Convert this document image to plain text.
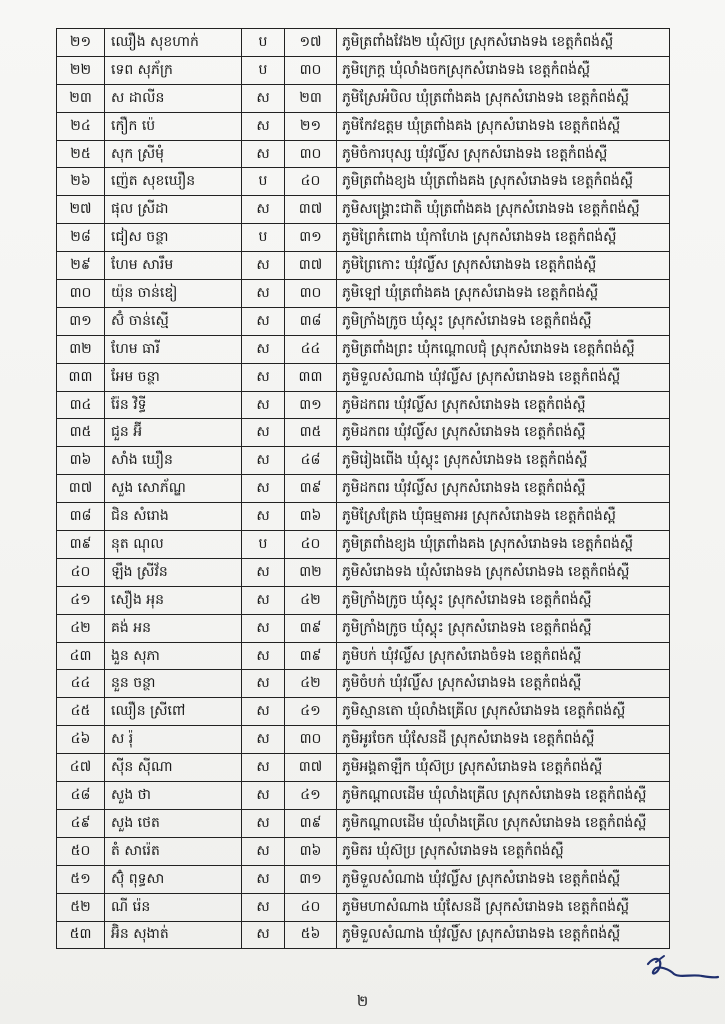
២១	ឈឿង សុខហាក់	ប	១៧	ភូមិត្រពាំងវែង២ ឃុំស៊ប្រ ស្រុកសំរោងទង ខេត្តកំពង់ស្ពឺ
២២	ទេព សុភ័ក្រ	ប	៣០	ភូមិក្រេក្ត ឃុំលាំងចកស្រុកសំរោងទង ខេត្តកំពង់ស្ពឺ
២៣	ស ដាលីន	ស	២៣	ភូមិស្រែអំបិល ឃុំត្រពាំងគង ស្រុកសំរោងទង ខេត្តកំពង់ស្ពឺ
២៤	កឿក ប៉េ	ស	២១	ភូមិកែវឧត្តម ឃុំត្រពាំងគង ស្រុកសំរោងទង ខេត្តកំពង់ស្ពឺ
២៥	សុក ស្រីមុំ	ស	៣០	ភូមិចំការបុស្ស ឃុំវល្លិ៍ស ស្រុកសំរោងទង ខេត្តកំពង់ស្ពឺ
២៦	ញ៉េត សុខឃឿន	ប	៤០	ភូមិត្រពាំងខ្យង ឃុំត្រពាំងគង ស្រុកសំរោងទង ខេត្តកំពង់ស្ពឺ
២៧	ផុល ស្រីដា	ស	៣៧	ភូមិសង្គ្រោះជាតិ ឃុំត្រពាំងគង ស្រុកសំរោងទង ខេត្តកំពង់ស្ពឺ
២៨	ជៀស ចន្ថា	ប	៣១	ភូមិព្រៃកំពោង ឃុំកាហែង ស្រុកសំរោងទង ខេត្តកំពង់ស្ពឺ
២៩	ហែម សារឹម	ស	៣៧	ភូមិព្រៃកោះ ឃុំវល្លិ៍ស ស្រុកសំរោងទង ខេត្តកំពង់ស្ពឺ
៣០	យ៉ុន ចាន់ឌៀ	ស	៣០	ភូមិឡៅ ឃុំត្រពាំងគង ស្រុកសំរោងទង ខេត្តកំពង់ស្ពឺ
៣១	ស៊ំ ចាន់ស្មើ	ស	៣៨	ភូមិក្រាំងក្រូច ឃុំស្គុះ ស្រុកសំរោងទង ខេត្តកំពង់ស្ពឺ
៣២	ហែម ធារី	ស	៤៤	ភូមិត្រពាំងព្រះ ឃុំកណ្តោលជុំ ស្រុកសំរោងទង ខេត្តកំពង់ស្ពឺ
៣៣	អែម ចន្ថា	ស	៣៣	ភូមិទួលសំណាង ឃុំវល្លិ៍ស ស្រុកសំរោងទង ខេត្តកំពង់ស្ពឺ
៣៤	រ៉ែន វិទ្ធី	ស	៣១	ភូមិដកពរ ឃុំវល្លិ៍ស ស្រុកសំរោងទង ខេត្តកំពង់ស្ពឺ
៣៥	ជួន អ៊ី	ស	៣៥	ភូមិដកពរ ឃុំវល្លិ៍ស ស្រុកសំរោងទង ខេត្តកំពង់ស្ពឺ
៣៦	សាំង ឃឿន	ស	៤៨	ភូមិរៀងពើង ឃុំស្គុះ ស្រុកសំរោងទង ខេត្តកំពង់ស្ពឺ
៣៧	សួង សោភ័ណ្ឌ	ស	៣៩	ភូមិដកពរ ឃុំវល្លិ៍ស ស្រុកសំរោងទង ខេត្តកំពង់ស្ពឺ
៣៨	ជិន សំរោង	ស	៣៦	ភូមិស្រែត្រែង ឃុំធម្មតាអរ ស្រុកសំរោងទង ខេត្តកំពង់ស្ពឺ
៣៩	នុត ណុល	ប	៤០	ភូមិត្រពាំងខ្យង ឃុំត្រពាំងគង ស្រុកសំរោងទង ខេត្តកំពង់ស្ពឺ
៤០	ឡឹង ស្រីវ័ន	ស	៣២	ភូមិសំរោងទង ឃុំសំរោងទង ស្រុកសំរោងទង ខេត្តកំពង់ស្ពឺ
៤១	សឿង អុន	ស	៤២	ភូមិក្រាំងក្រូច ឃុំស្គុះ ស្រុកសំរោងទង ខេត្តកំពង់ស្ពឺ
៤២	គង់ អន	ស	៣៩	ភូមិក្រាំងក្រូច ឃុំស្គុះ ស្រុកសំរោងទង ខេត្តកំពង់ស្ពឺ
៤៣	ងួន សុភា	ស	៣៩	ភូមិបក់ ឃុំវល្លិ៍ស ស្រុកសំរោងចំទង ខេត្តកំពង់ស្ពឺ
៤៤	នួន ចន្ថា	ស	៤២	ភូមិចំបក់ ឃុំវល្លិ៍ស ស្រុកសំរោងទង ខេត្តកំពង់ស្ពឺ
៤៥	ឈឿន ស្រីពៅ	ស	៤១	ភូមិស្មានតោ ឃុំលាំងគ្រើល ស្រុកសំរោងទង ខេត្តកំពង់ស្ពឺ
៤៦	ស រ៉ុ	ស	៣០	ភូមិអូរចែក ឃុំសែនដី ស្រុកសំរោងទង ខេត្តកំពង់ស្ពឺ
៤៧	ស៊ីន ស៊ីណា	ស	៣៧	ភូមិអង្គតាឡឹក ឃុំស៊ប្រ ស្រុកសំរោងទង ខេត្តកំពង់ស្ពឺ
៤៨	សួង ថា	ស	៤១	ភូមិកណ្តាលដើម ឃុំលាំងគ្រើល ស្រុកសំរោងទង ខេត្តកំពង់ស្ពឺ
៤៩	សួង ថេត	ស	៣៩	ភូមិកណ្តាលដើម ឃុំលាំងគ្រើល ស្រុកសំរោងទង ខេត្តកំពង់ស្ពឺ
៥០	តំ សារ៉េត	ស	៣៦	ភូមិតរ ឃុំស៊ប្រ ស្រុកសំរោងទង ខេត្តកំពង់ស្ពឺ
៥១	ស៊ុំ ពុទ្ធសា	ស	៣១	ភូមិទួលសំណាង ឃុំវល្លិ៍ស ស្រុកសំរោងទង ខេត្តកំពង់ស្ពឺ
៥២	ណី រ៉េន	ស	៤០	ភូមិមហាសំណាង ឃុំសែនដី ស្រុកសំរោងទង ខេត្តកំពង់ស្ពឺ
៥៣	អ៊ិន សុងាត់	ស	៥៦	ភូមិទួលសំណាង ឃុំវល្លិ៍ស ស្រុកសំរោងទង ខេត្តកំពង់ស្ពឺ
២
